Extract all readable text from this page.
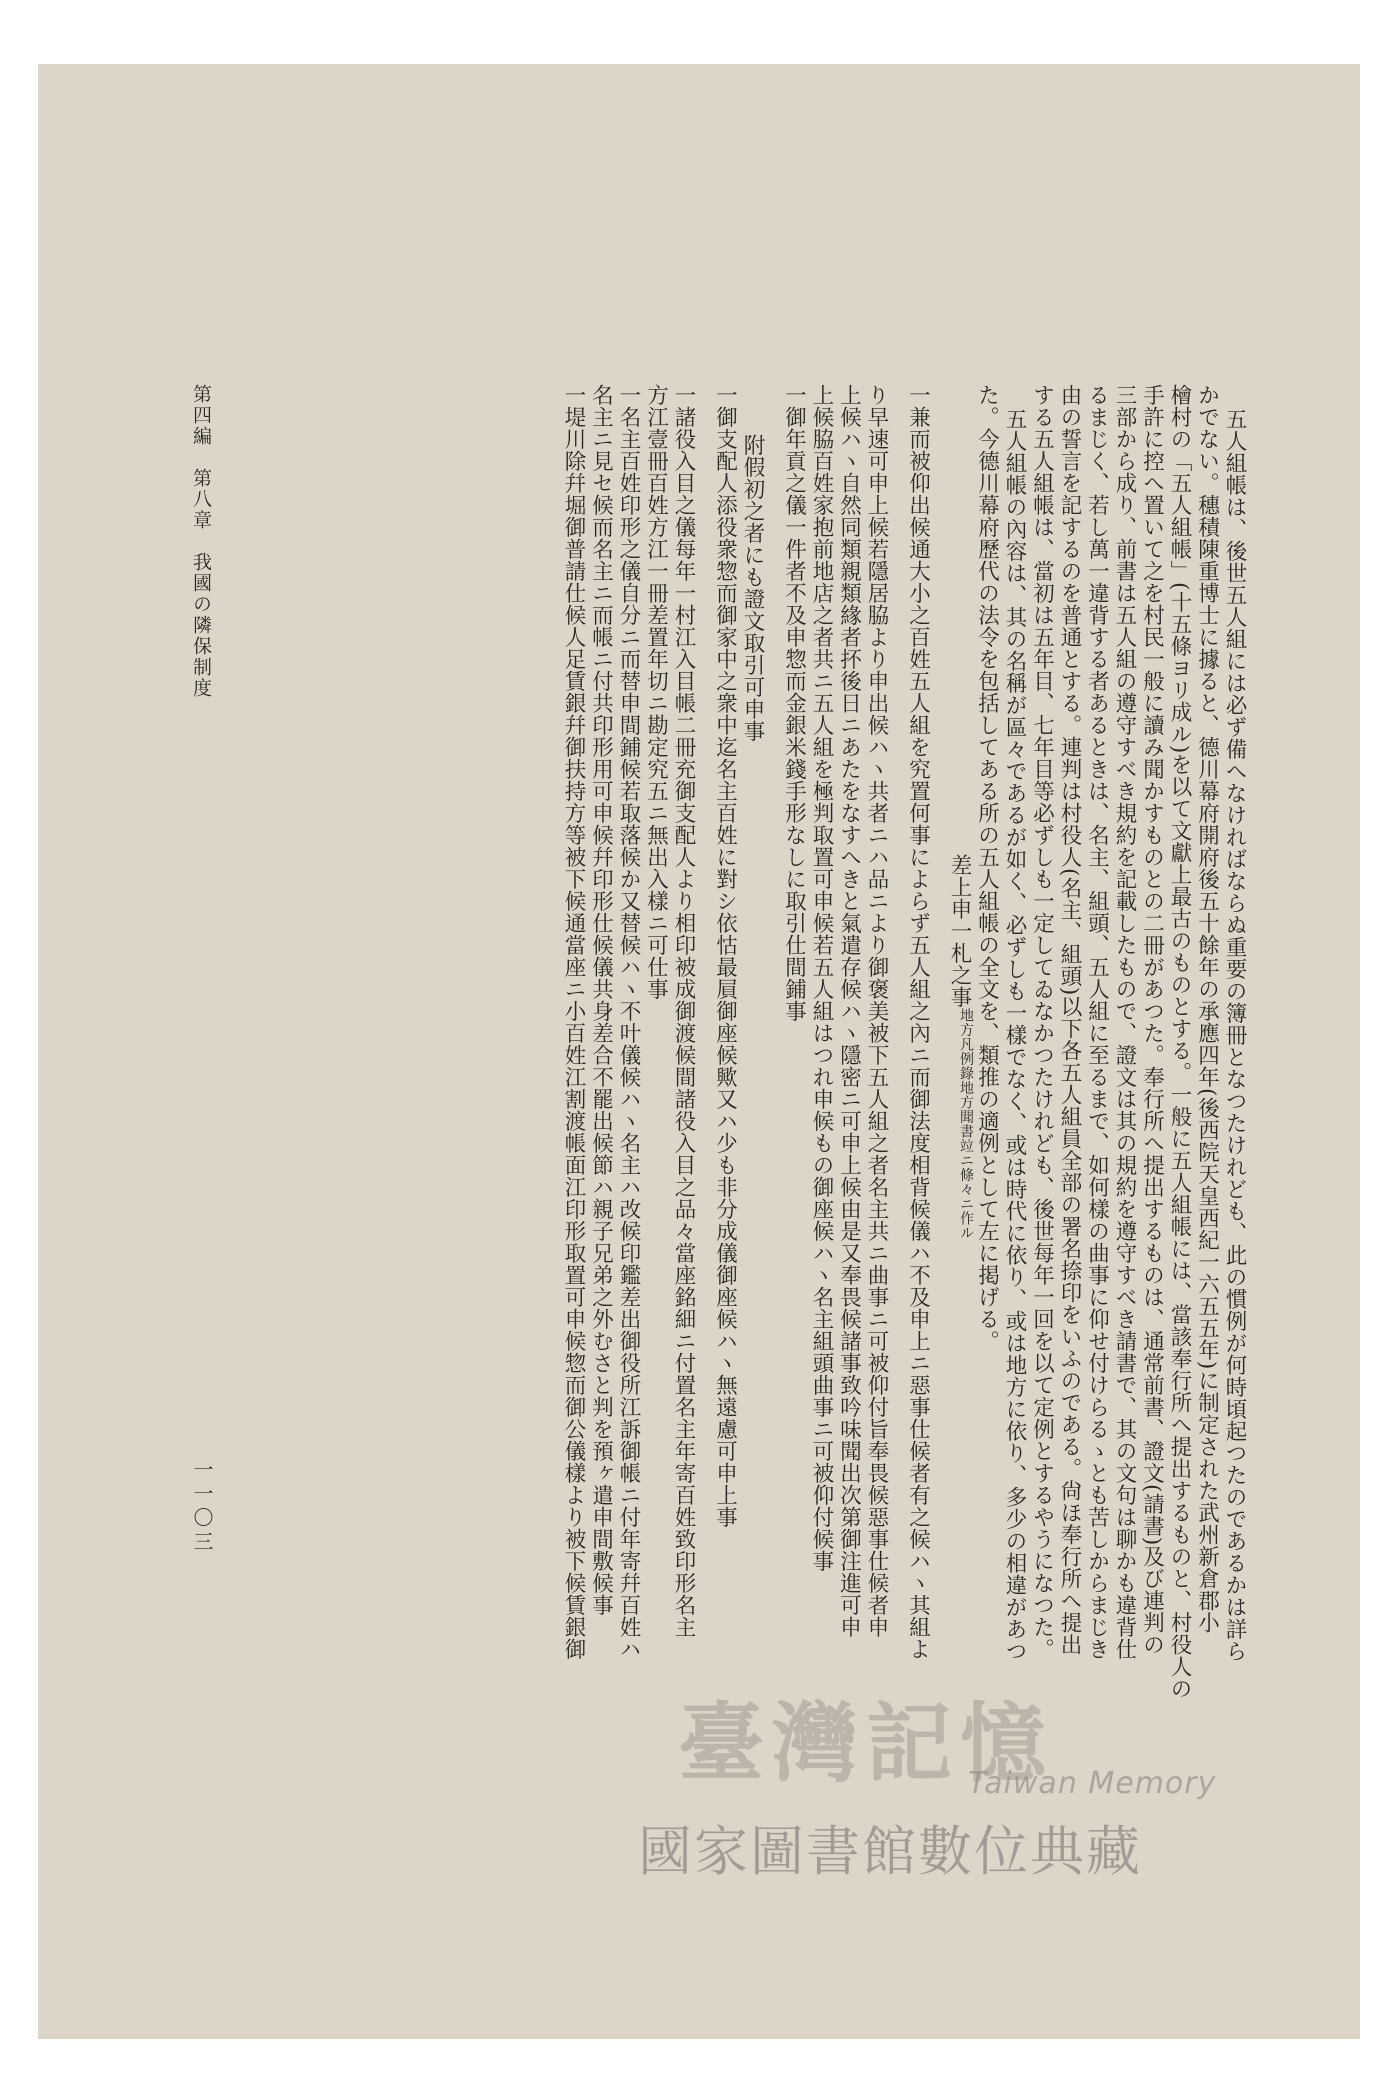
五人組帳は、後世五人組には必ず備へなければならぬ重要の簿冊となつたけれども、此の慣例が何時頃起つたのであるかは詳ら

かでない。穗積陳重博士に據ると、德川幕府開府後五十餘年の承應四年(後西院天皇西紀一六五五年)に制定された武州新倉郡小

檜村の「五人組帳」(十五條ヨリ成ル)を以て文獻上最古のものとする。一般に五人組帳には、當該奉行所へ提出するものと、村役人の

手許に控へ置いて之を村民一般に讀み聞かすものとの二冊があつた。奉行所へ提出するものは、通常前書、證文(請書)及び連判の

三部から成り、前書は五人組の遵守すべき規約を記載したもので、證文は其の規約を遵守すべき請書で、其の文句は聊かも違背仕

るまじく、若し萬一違背する者あるときは、名主、組頭、五人組に至るまで、如何樣の曲事に仰せ付けらるゝとも苦しからまじき

由の誓言を記するのを普通とする。連判は村役人(名主、組頭)以下各五人組員全部の署名捺印をいふのである。尙ほ奉行所へ提出

する五人組帳は、當初は五年目、七年目等必ずしも一定してゐなかつたけれども、後世每年一回を以て定例とするやうになつた。

五人組帳の內容は、其の名稱が區々であるが如く、必ずしも一樣でなく、或は時代に依り、或は地方に依り、多少の相違があつ

た。今德川幕府歷代の法令を包括してある所の五人組帳の全文を、類推の適例として左に掲げる。

差上申一札之事$^{地方凡例錄地方聞書竝ニ條々ニ作ル}$

一兼而被仰出候通大小之百姓五人組を究置何事によらず五人組之內ニ而御法度相背候儀ハ不及申上ニ惡事仕候者有之候ハヽ其組よ

り早速可申上候若隱居脇より申出候ハヽ共者ニハ品ニより御褒美被下五人組之者名主共ニ曲事ニ可被仰付旨奉畏候惡事仕候者申

上候ハヽ自然同類親類緣者抔後日ニあたをなすへきと氣遣存候ハヽ隱密ニ可申上候由是又奉畏候諸事致吟味聞出次第御注進可申

上候脇百姓家抱前地店之者共ニ五人組を極判取置可申候若五人組はつれ申候もの御座候ハヽ名主組頭曲事ニ可被仰付候事

一御年貢之儀一件者不及申惣而金銀米錢手形なしに取引仕間鋪事

附假初之者にも證文取引可申事

一御支配人添役衆惣而御家中之衆中迄名主百姓に對シ依怙最屓御座候歟又ハ少も非分成儀御座候ハヽ無遠慮可申上事

一諸役入目之儀每年一村江入目帳二冊充御支配人より相印被成御渡候間諸役入目之品々當座銘細ニ付置名主年寄百姓致印形名主

方江壹冊百姓方江一冊差置年切ニ勘定究五ニ無出入樣ニ可仕事

一名主百姓印形之儀自分ニ而替申間鋪候若取落候か又替候ハヽ不叶儀候ハヽ名主ハ改候印鑑差出御役所江訴御帳ニ付年寄幷百姓ハ

名主ニ見セ候而名主ニ而帳ニ付共印形用可申候幷印形仕候儀共身差合不罷出候節ハ親子兄弟之外むさと判を預ヶ遣申間敷候事

一堤川除幷堀御普請仕候人足賃銀幷御扶持方等被下候通當座ニ小百姓江割渡帳面江印形取置可申候惣而御公儀樣より被下候賃銀御

第四編　第八章　我國の隣保制度
一一〇三
臺灣記憶
Taiwan Memory
國家圖書館數位典藏
